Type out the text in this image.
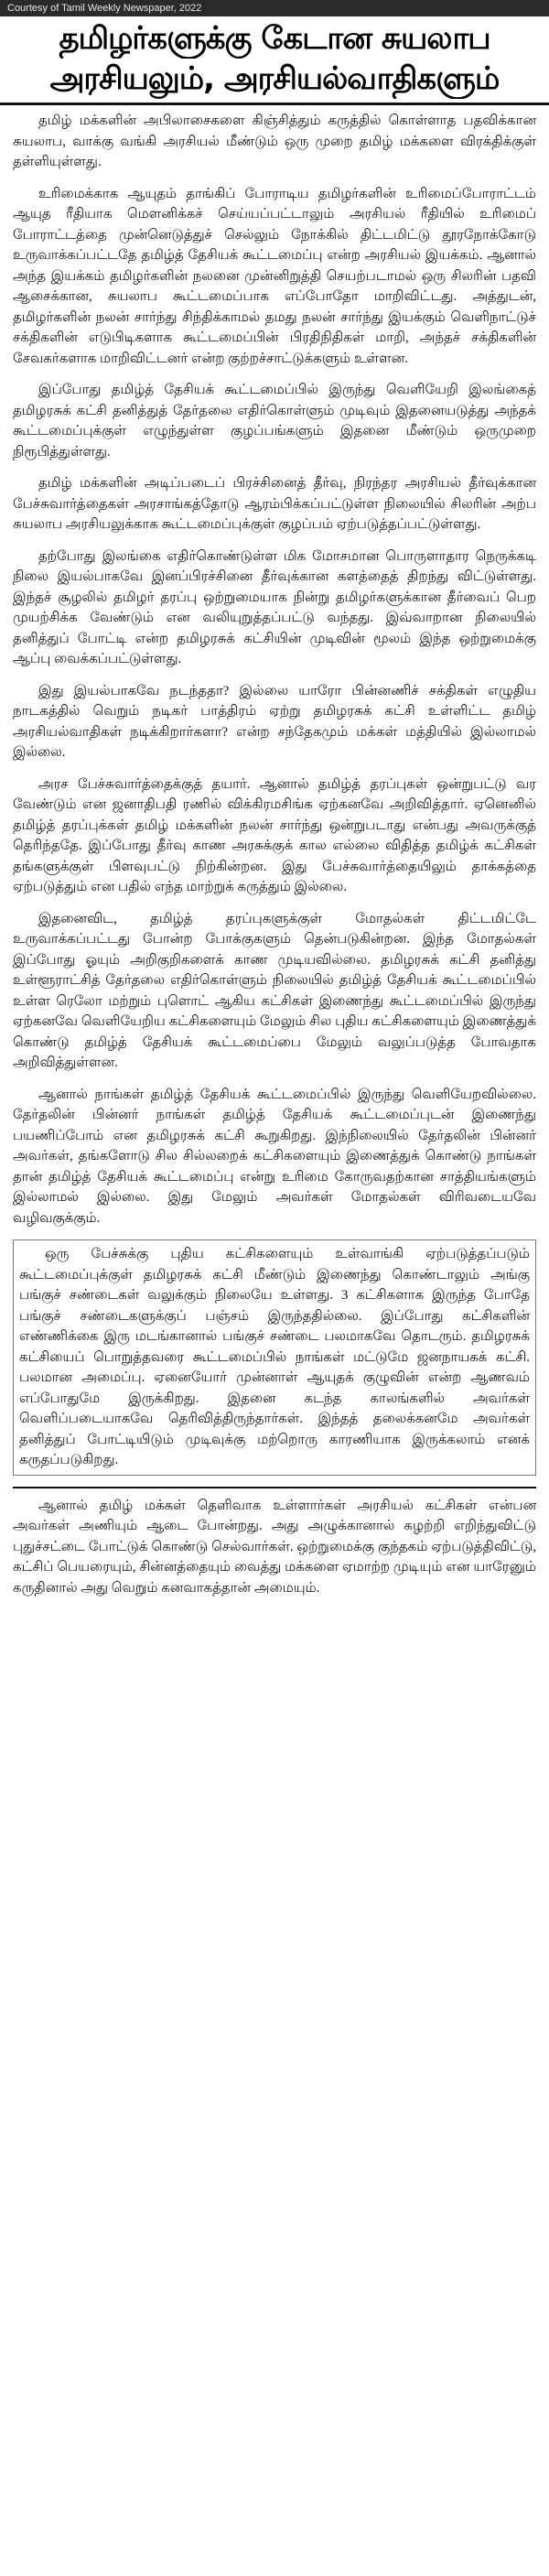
Courtesy of Tamil Weekly Newspaper, 2022
தமிழர்களுக்கு கேடான சுயலாப
அரசியலும், அரசியல்வாதிகளும்

தமிழ் மக்களின் அபிலாசைகளை கிஞ்சித்தும் கருத்தில் கொள்ளாத பதவிக்கான சுயலாப, வாக்கு வங்கி அரசியல் மீண்டும் ஒரு முறை தமிழ் மக்களை விரக்திக்குள் தள்ளியுள்ளது.

உரிமைக்காக ஆயுதம் தாங்கிப் போராடிய தமிழர்களின் உரிமைப்போராட்டம் ஆயுத ரீதியாக மௌனிக்கச் செய்யப்பட்டாலும் அரசியல் ரீதியில் உரிமைப் போராட்டத்தை முன்னெடுத்துச் செல்லும் நோக்கில் திட்டமிட்டு தூரநோக்கோடு உருவாக்கப்பட்டதே தமிழ்த் தேசியக் கூட்டமைப்பு என்ற அரசியல் இயக்கம். ஆனால் அந்த இயக்கம் தமிழர்களின் நலனை முன்னிறுத்தி செயற்படாமல் ஒரு சிலரின் பதவி ஆசைக்கான, சுயலாப கூட்டமைப்பாக எப்போதோ மாறிவிட்டது. அத்துடன், தமிழர்களின் நலன் சார்ந்து சிந்திக்காமல் தமது நலன் சார்ந்து இயக்கும் வெளிநாட்டுச் சக்திகளின் எடுபிடிகளாக கூட்டமைப்பின் பிரதிநிதிகள் மாறி, அந்தச் சக்திகளின் சேவகர்களாக மாறிவிட்டனர் என்ற குற்றச்சாட்டுக்களும் உள்ளன.

இப்போது தமிழ்த் தேசியக் கூட்டமைப்பில் இருந்து வெளியேறி இலங்கைத் தமிழரசுக் கட்சி தனித்துத் தேர்தலை எதிர்கொள்ளும் முடிவும் இதனையடுத்து அந்தக் கூட்டமைப்புக்குள் எழுந்துள்ள குழப்பங்களும் இதனை மீண்டும் ஒருமுறை நிரூபித்துள்ளது.

தமிழ் மக்களின் அடிப்படைப் பிரச்சினைத் தீர்வு, நிரந்தர அரசியல் தீர்வுக்கான பேச்சுவார்த்தைகள் அரசாங்கத்தோடு ஆரம்பிக்கப்பட்டுள்ள நிலையில் சிலரின் அற்ப சுயலாப அரசியலுக்காக கூட்டமைப்புக்குள் குழப்பம் ஏற்படுத்தப்பட்டுள்ளது.

தற்போது இலங்கை எதிர்கொண்டுள்ள மிக மோசமான பொருளாதார நெருக்கடி நிலை இயல்பாகவே இனப்பிரச்சினை தீர்வுக்கான களத்தைத் திறந்து விட்டுள்ளது. இந்தச் சூழலில் தமிழர் தரப்பு ஒற்றுமையாக நின்று தமிழர்களுக்கான தீர்வைப் பெற முயற்சிக்க வேண்டும் என வலியுறுத்தப்பட்டு வந்தது. இவ்வாறான நிலையில் தனித்துப் போட்டி என்ற தமிழரசுக் கட்சியின் முடிவின் மூலம் இந்த ஒற்றுமைக்கு ஆப்பு வைக்கப்பட்டுள்ளது.

இது இயல்பாகவே நடந்ததா? இல்லை யாரோ பின்னணிச் சக்திகள் எழுதிய நாடகத்தில் வெறும் நடிகர் பாத்திரம் ஏற்று தமிழரசுக் கட்சி உள்ளிட்ட தமிழ் அரசியல்வாதிகள் நடிக்கிறார்களா? என்ற சந்தேகமும் மக்கள் மத்தியில் இல்லாமல் இல்லை.

அரச பேச்சுவார்த்தைக்குத் தயார். ஆனால் தமிழ்த் தரப்புகள் ஒன்றுபட்டு வர வேண்டும் என ஜனாதிபதி ரணில் விக்கிரமசிங்க ஏற்கனவே அறிவித்தார். ஏனெனில் தமிழ்த் தரப்புக்கள் தமிழ் மக்களின் நலன் சார்ந்து ஒன்றுபடாது என்பது அவருக்குத் தெரிந்ததே. இப்போது தீர்வு காண அரசுக்குக் கால எல்லை விதித்த தமிழ்க் கட்சிகள் தங்களுக்குள் பிளவுபட்டு நிற்கின்றன. இது பேச்சுவார்த்தையிலும் தாக்கத்தை ஏற்படுத்தும் என பதில் எந்த மாற்றுக் கருத்தும் இல்லை.

இதனைவிட, தமிழ்த் தரப்புகளுக்குள் மோதல்கள் திட்டமிட்டே உருவாக்கப்பட்டது போன்ற போக்குகளும் தென்படுகின்றன. இந்த மோதல்கள் இப்போது ஓயும் அறிகுறிகளைக் காண முடியவில்லை. தமிழரசுக் கட்சி தனித்து உள்ளூராட்சித் தேர்தலை எதிர்கொள்ளும் நிலையில் தமிழ்த் தேசியக் கூட்டமைப்பில் உள்ள ரெலோ மற்றும் புளொட் ஆகிய கட்சிகள் இணைந்து கூட்டமைப்பில் இருந்து ஏற்கனவே வெளியேறிய கட்சிகளையும் மேலும் சில புதிய கட்சிகளையும் இணைத்துக் கொண்டு தமிழ்த் தேசியக் கூட்டமைப்பை மேலும் வலுப்படுத்த போவதாக அறிவித்துள்ளன.

ஆனால் நாங்கள் தமிழ்த் தேசியக் கூட்டமைப்பில் இருந்து வெளியேறவில்லை. தேர்தலின் பின்னர் நாங்கள் தமிழ்த் தேசியக் கூட்டமைப்புடன் இணைந்து பயணிப்போம் என தமிழரசுக் கட்சி கூறுகிறது. இந்நிலையில் தேர்தலின் பின்னர் அவர்கள், தங்களோடு சில சில்லறைக் கட்சிகளையும் இணைத்துக் கொண்டு நாங்கள் தான் தமிழ்த் தேசியக் கூட்டமைப்பு என்று உரிமை கோருவதற்கான சாத்தியங்களும் இல்லாமல் இல்லை. இது மேலும் அவர்கள் மோதல்கள் விரிவடையவே வழிவகுக்கும்.

ஒரு பேச்சுக்கு புதிய கட்சிகளையும் உள்வாங்கி ஏற்படுத்தப்படும் கூட்டமைப்புக்குள் தமிழரசுக் கட்சி மீண்டும் இணைந்து கொண்டாலும் அங்கு பங்குச் சண்டைகள் வலுக்கும் நிலையே உள்ளது. 3 கட்சிகளாக இருந்த போதே பங்குச் சண்டைகளுக்குப் பஞ்சம் இருந்ததில்லை. இப்போது கட்சிகளின் எண்ணிக்கை இரு மடங்கானால் பங்குச் சண்டை பலமாகவே தொடரும். தமிழரசுக் கட்சியைப் பொறுத்தவரை கூட்டமைப்பில் நாங்கள் மட்டுமே ஜனநாயகக் கட்சி. பலமான அமைப்பு. ஏனையோர் முன்னாள் ஆயுதக் குழுவின் என்ற ஆணவம் எப்போதுமே இருக்கிறது. இதனை கடந்த காலங்களில் அவர்கள் வெளிப்படையாகவே தெரிவித்திருந்தார்கள். இந்தத் தலைக்கனமே அவர்கள் தனித்துப் போட்டியிடும் முடிவுக்கு மற்றொரு காரணியாக இருக்கலாம் எனக் கருதப்படுகிறது.

ஆனால் தமிழ் மக்கள் தெளிவாக உள்ளார்கள் அரசியல் கட்சிகள் என்பன அவர்கள் அணியும் ஆடை போன்றது. அது அழுக்கானால் கழற்றி எறிந்துவிட்டு புதுச்சட்டை போட்டுக் கொண்டு செல்வார்கள். ஒற்றுமைக்கு குந்தகம் ஏற்படுத்திவிட்டு, கட்சிப் பெயரையும், சின்னத்தையும் வைத்து மக்களை ஏமாற்ற முடியும் என யாரேனும் கருதினால் அது வெறும் கனவாகத்தான் அமையும்.
